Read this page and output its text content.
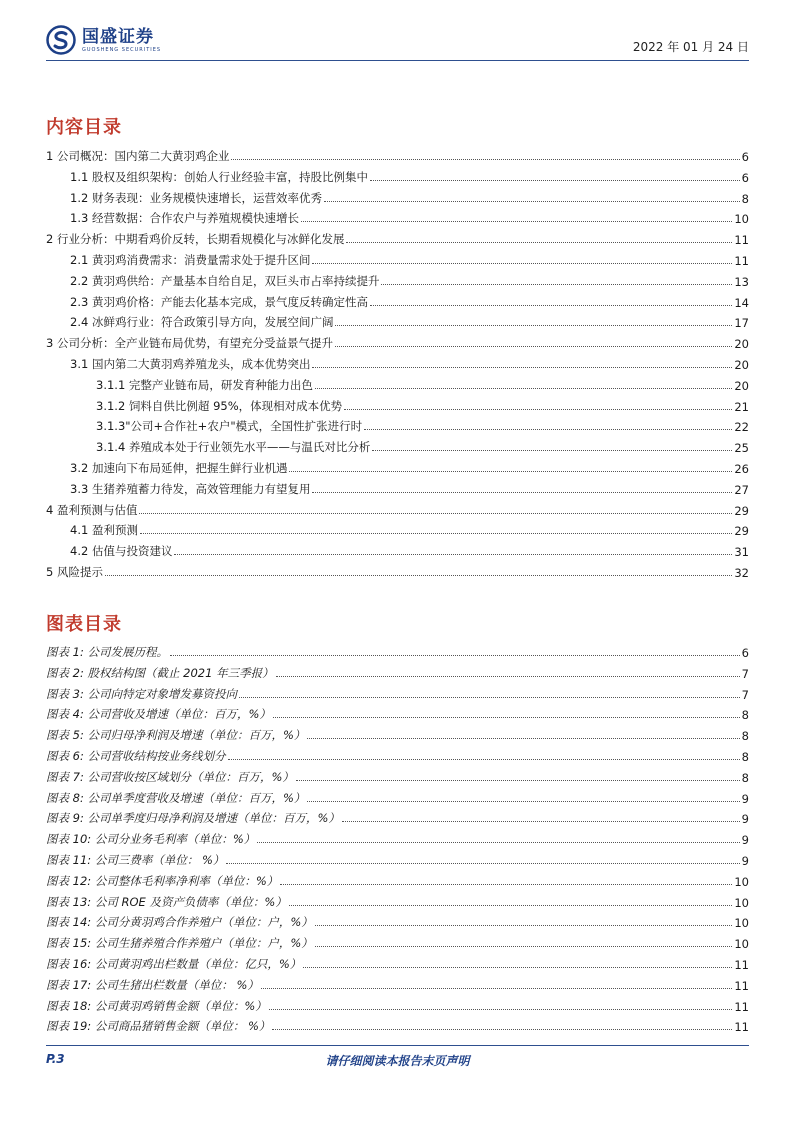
国盛证券
GUOSHENG SECURITIES	2022 年 01 月 24 日
内容目录
1 公司概况：国内第二大黄羽鸡企业	6
1.1 股权及组织架构：创始人行业经验丰富，持股比例集中	6
1.2 财务表现：业务规模快速增长，运营效率优秀	8
1.3 经营数据：合作农户与养殖规模快速增长	10
2 行业分析：中期看鸡价反转，长期看规模化与冰鲜化发展	11
2.1 黄羽鸡消费需求：消费量需求处于提升区间	11
2.2 黄羽鸡供给：产量基本自给自足，双巨头市占率持续提升	13
2.3 黄羽鸡价格：产能去化基本完成，景气度反转确定性高	14
2.4 冰鲜鸡行业：符合政策引导方向，发展空间广阔	17
3 公司分析：全产业链布局优势，有望充分受益景气提升	20
3.1 国内第二大黄羽鸡养殖龙头，成本优势突出	20
3.1.1 完整产业链布局，研发育种能力出色	20
3.1.2 饲料自供比例超 95%，体现相对成本优势	21
3.1.3"公司+合作社+农户"模式，全国性扩张进行时	22
3.1.4 养殖成本处于行业领先水平——与温氏对比分析	25
3.2 加速向下布局延伸，把握生鲜行业机遇	26
3.3 生猪养殖蓄力待发，高效管理能力有望复用	27
4 盈利预测与估值	29
4.1 盈利预测	29
4.2 估值与投资建议	31
5 风险提示	32
图表目录
图表 1: 公司发展历程。	6
图表 2: 股权结构图（截止 2021 年三季报）	7
图表 3: 公司向特定对象增发募资投向	7
图表 4: 公司营收及增速（单位：百万，%）	8
图表 5: 公司归母净利润及增速（单位：百万，%）	8
图表 6: 公司营收结构按业务线划分	8
图表 7: 公司营收按区域划分（单位：百万，%）	8
图表 8: 公司单季度营收及增速（单位：百万，%）	9
图表 9: 公司单季度归母净利润及增速（单位：百万，%）	9
图表 10: 公司分业务毛利率（单位：%）	9
图表 11: 公司三费率（单位： %）	9
图表 12: 公司整体毛利率净利率（单位：%）	10
图表 13: 公司 ROE 及资产负债率（单位：%）	10
图表 14: 公司分黄羽鸡合作养殖户（单位：户，%）	10
图表 15: 公司生猪养殖合作养殖户（单位：户，%）	10
图表 16: 公司黄羽鸡出栏数量（单位：亿只，%）	11
图表 17: 公司生猪出栏数量（单位： %）	11
图表 18: 公司黄羽鸡销售金额（单位：%）	11
图表 19: 公司商品猪销售金额（单位： %）	11
P.3	请仔细阅读本报告末页声明
